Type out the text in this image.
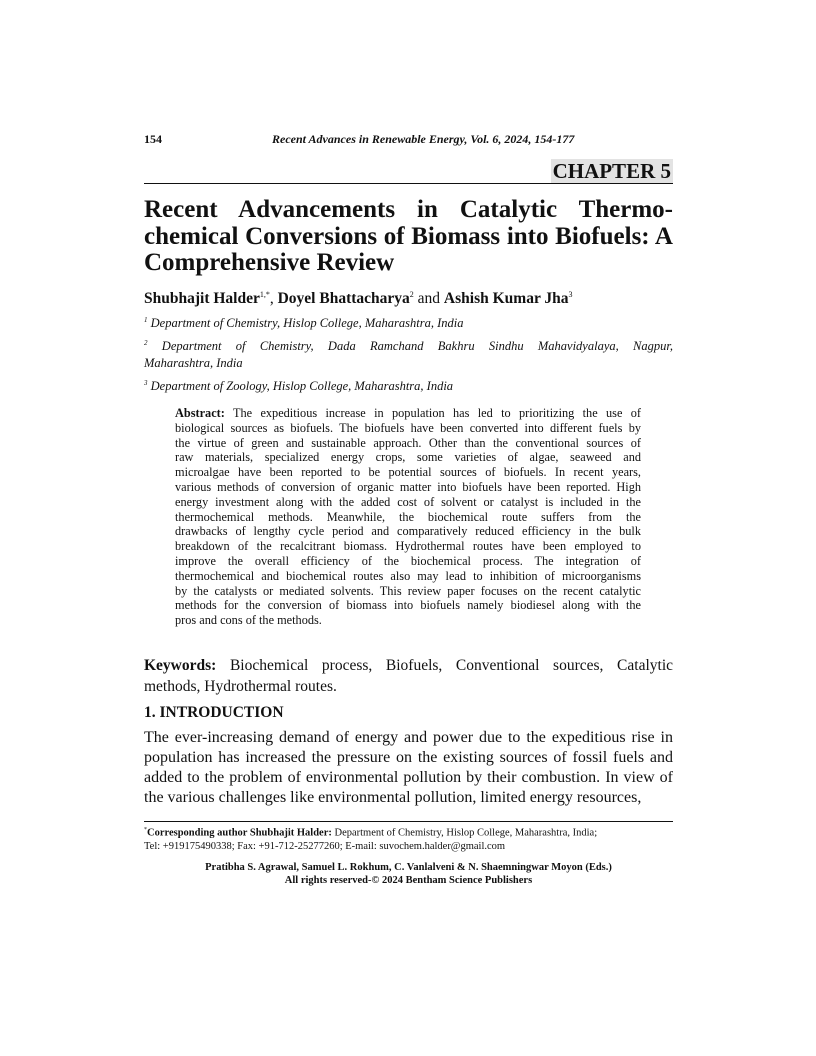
154	Recent Advances in Renewable Energy, Vol. 6, 2024, 154-177
CHAPTER 5
Recent Advancements in Catalytic Thermo-
chemical Conversions of Biomass into Biofuels: A
Comprehensive Review
Shubhajit Halder$^{1,*}$, Doyel Bhattacharya$^2$ and Ashish Kumar Jha$^3$
$^1$ Department of Chemistry, Hislop College, Maharashtra, India
$^2$ Department of Chemistry, Dada Ramchand Bakhru Sindhu Mahavidyalaya, Nagpur,
Maharashtra, India
$^3$ Department of Zoology, Hislop College, Maharashtra, India
Abstract: The expeditious increase in population has led to prioritizing the use of
biological sources as biofuels. The biofuels have been converted into different fuels by
the virtue of green and sustainable approach. Other than the conventional sources of
raw materials, specialized energy crops, some varieties of algae, seaweed and
microalgae have been reported to be potential sources of biofuels. In recent years,
various methods of conversion of organic matter into biofuels have been reported. High
energy investment along with the added cost of solvent or catalyst is included in the
thermochemical methods. Meanwhile, the biochemical route suffers from the
drawbacks of lengthy cycle period and comparatively reduced efficiency in the bulk
breakdown of the recalcitrant biomass. Hydrothermal routes have been employed to
improve the overall efficiency of the biochemical process. The integration of
thermochemical and biochemical routes also may lead to inhibition of microorganisms
by the catalysts or mediated solvents. This review paper focuses on the recent catalytic
methods for the conversion of biomass into biofuels namely biodiesel along with the
pros and cons of the methods.
Keywords: Biochemical process, Biofuels, Conventional sources, Catalytic
methods, Hydrothermal routes.
1. INTRODUCTION
The ever-increasing demand of energy and power due to the expeditious rise in
population has increased the pressure on the existing sources of fossil fuels and
added to the problem of environmental pollution by their combustion. In view of
the various challenges like environmental pollution, limited energy resources,
*Corresponding author Shubhajit Halder: Department of Chemistry, Hislop College, Maharashtra, India;
Tel: +919175490338; Fax: +91-712-25277260; E-mail: suvochem.halder@gmail.com
Pratibha S. Agrawal, Samuel L. Rokhum, C. Vanlalveni & N. Shaemningwar Moyon (Eds.)
All rights reserved-© 2024 Bentham Science Publishers
